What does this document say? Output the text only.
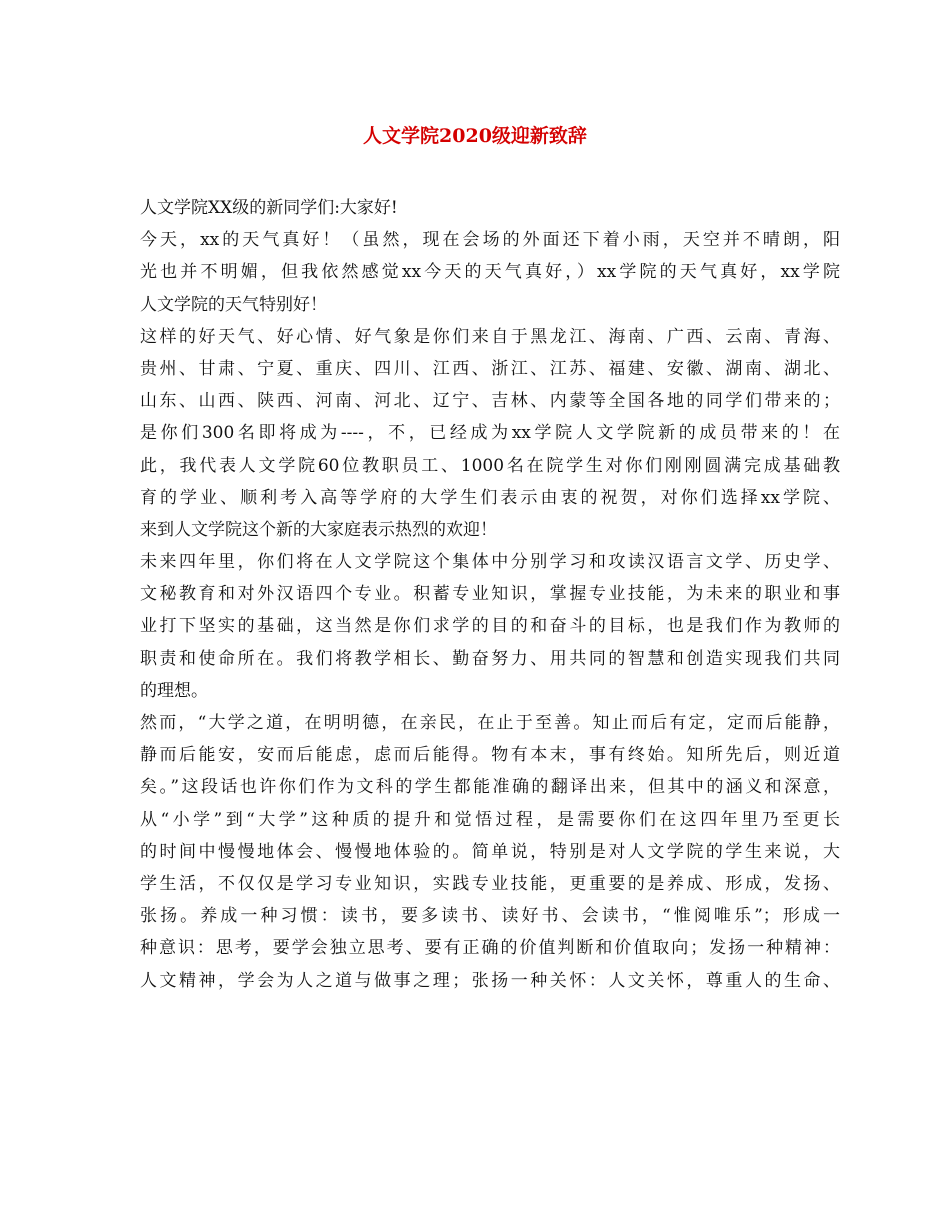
人文学院2020级迎新致辞
人文学院XX级的新同学们:大家好!
今天，xx的天气真好！（虽然，现在会场的外面还下着小雨，天空并不晴朗，阳
光也并不明媚，但我依然感觉xx今天的天气真好，）xx学院的天气真好，xx学院
人文学院的天气特别好！
这样的好天气、好心情、好气象是你们来自于黑龙江、海南、广西、云南、青海、
贵州、甘肃、宁夏、重庆、四川、江西、浙江、江苏、福建、安徽、湖南、湖北、
山东、山西、陕西、河南、河北、辽宁、吉林、内蒙等全国各地的同学们带来的；
是你们300名即将成为----，不，已经成为xx学院人文学院新的成员带来的！在
此，我代表人文学院60位教职员工、1000名在院学生对你们刚刚圆满完成基础教
育的学业、顺利考入高等学府的大学生们表示由衷的祝贺，对你们选择xx学院、
来到人文学院这个新的大家庭表示热烈的欢迎！
未来四年里，你们将在人文学院这个集体中分别学习和攻读汉语言文学、历史学、
文秘教育和对外汉语四个专业。积蓄专业知识，掌握专业技能，为未来的职业和事
业打下坚实的基础，这当然是你们求学的目的和奋斗的目标，也是我们作为教师的
职责和使命所在。我们将教学相长、勤奋努力、用共同的智慧和创造实现我们共同
的理想。
然而，“大学之道，在明明德，在亲民，在止于至善。知止而后有定，定而后能静，
静而后能安，安而后能虑，虑而后能得。物有本末，事有终始。知所先后，则近道
矣。”这段话也许你们作为文科的学生都能准确的翻译出来，但其中的涵义和深意，
从“小学”到“大学”这种质的提升和觉悟过程，是需要你们在这四年里乃至更长
的时间中慢慢地体会、慢慢地体验的。简单说，特别是对人文学院的学生来说，大
学生活，不仅仅是学习专业知识，实践专业技能，更重要的是养成、形成，发扬、
张扬。养成一种习惯：读书，要多读书、读好书、会读书，“惟阅唯乐”；形成一
种意识：思考，要学会独立思考、要有正确的价值判断和价值取向；发扬一种精神：
人文精神，学会为人之道与做事之理；张扬一种关怀：人文关怀，尊重人的生命、
